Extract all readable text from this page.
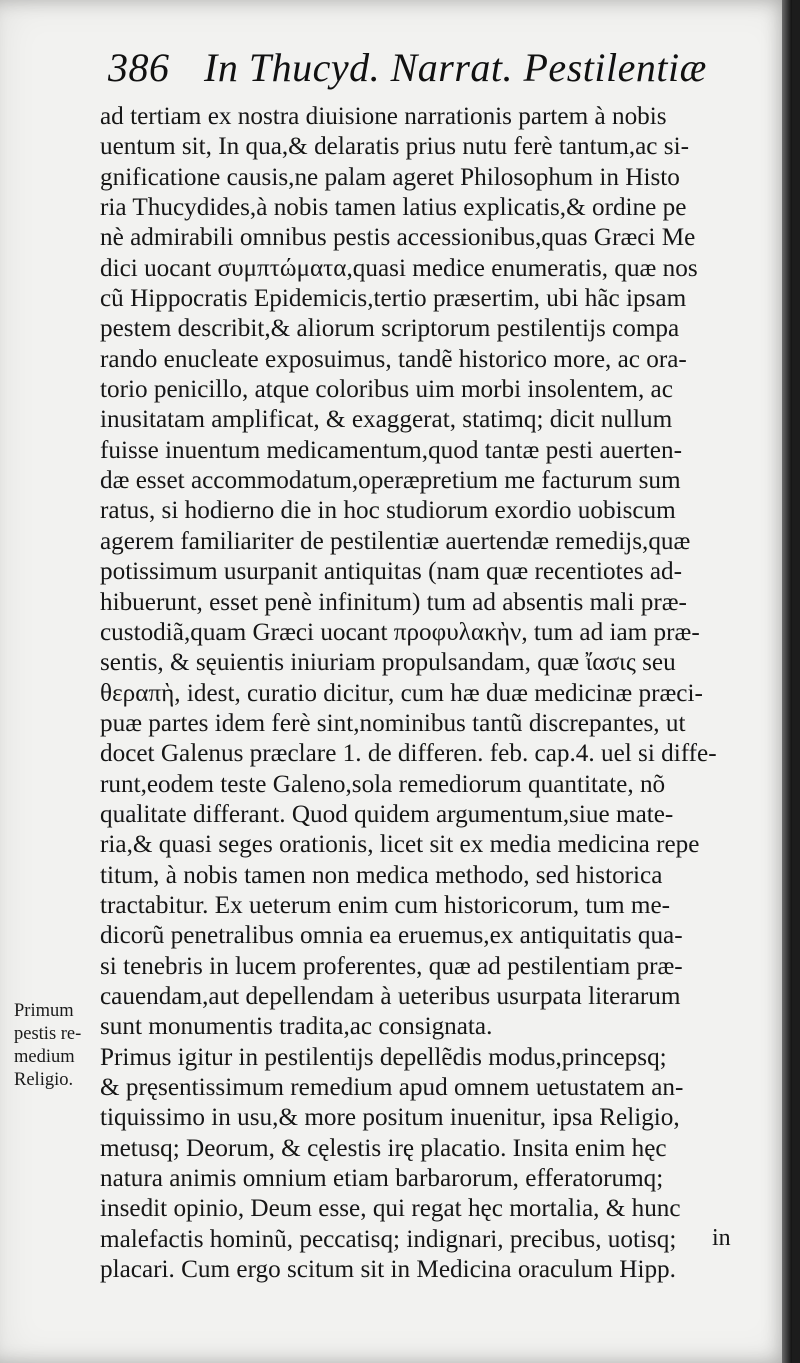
386 In Thucyd. Narrat. Pestilentiæ
ad tertiam ex nostra diuisione narrationis partem à nobis
uentum sit, In qua,& delaratis prius nutu ferè tantum,ac si-
gnificatione causis,ne palam ageret Philosophum in Histo
ria Thucydides,à nobis tamen latius explicatis,& ordine pe
nè admirabili omnibus pestis accessionibus,quas Græci Me
dici uocant συμπτώματα,quasi medice enumeratis, quæ nos
cũ Hippocratis Epidemicis,tertio præsertim, ubi hãc ipsam
pestem describit,& aliorum scriptorum pestilentijs compa
rando enucleate exposuimus, tandẽ historico more, ac ora-
torio penicillo, atque coloribus uim morbi insolentem, ac
inusitatam amplificat, & exaggerat, statimq; dicit nullum
fuisse inuentum medicamentum,quod tantæ pesti auerten-
dæ esset accommodatum,operæpretium me facturum sum
ratus, si hodierno die in hoc studiorum exordio uobiscum
agerem familiariter de pestilentiæ auertendæ remedijs,quæ
potissimum usurpanit antiquitas (nam quæ recentiotes ad-
hibuerunt, esset penè infinitum) tum ad absentis mali præ-
custodiã,quam Græci uocant προφυλακὴν, tum ad iam præ-
sentis, & sęuientis iniuriam propulsandam, quæ ἴασις seu
θεραπὴ, idest, curatio dicitur, cum hæ duæ medicinæ præci-
puæ partes idem ferè sint,nominibus tantũ discrepantes, ut
docet Galenus præclare 1. de differen. feb. cap.4. uel si diffe-
runt,eodem teste Galeno,sola remediorum quantitate, nõ
qualitate differant. Quod quidem argumentum,siue mate-
ria,& quasi seges orationis, licet sit ex media medicina repe
titum, à nobis tamen non medica methodo, sed historica
tractabitur. Ex ueterum enim cum historicorum, tum me-
dicorũ penetralibus omnia ea eruemus,ex antiquitatis qua-
si tenebris in lucem proferentes, quæ ad pestilentiam præ-
cauendam,aut depellendam à ueteribus usurpata literarum
sunt monumentis tradita,ac consignata.
Primus igitur in pestilentijs depellẽdis modus,princepsq;
& pręsentissimum remedium apud omnem uetustatem an-
tiquissimo in usu,& more positum inuenitur, ipsa Religio,
metusq; Deorum, & cęlestis irę placatio. Insita enim hęc
natura animis omnium etiam barbarorum, efferatorumq;
insedit opinio, Deum esse, qui regat hęc mortalia, & hunc
malefactis hominũ, peccatisq; indignari, precibus, uotisq;
placari. Cum ergo scitum sit in Medicina oraculum Hipp.
Primum
pestis re-
medium
Religio.
in
